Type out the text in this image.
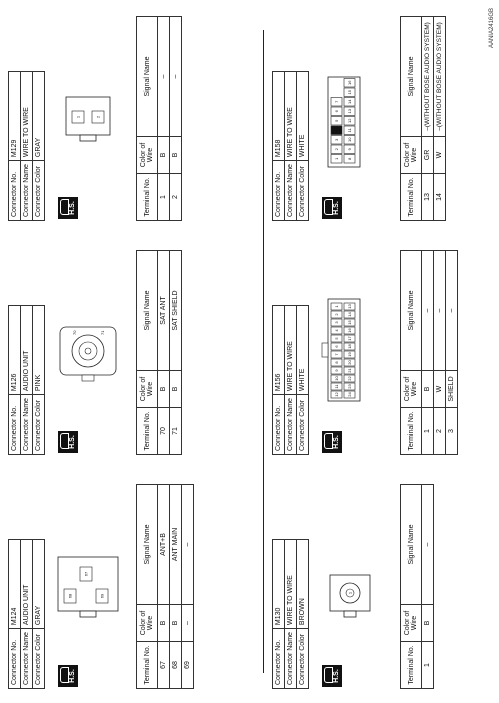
Connector No.	M124
Connector Name	AUDIO UNIT
Connector Color	GRAY
H.S.
68	69
67
Terminal No.	Color of Wire	Signal Name
67	B	ANT+B
68	B	ANT MAIN
69	–	–
Connector No.	M126
Connector Name	AUDIO UNIT
Connector Color	PINK
H.S.
70	71
Terminal No.	Color of Wire	Signal Name
70	B	SAT ANT
71	B	SAT SHIELD
Connector No.	M129
Connector Name	WIRE TO WIRE
Connector Color	GRAY
H.S.
1	2
Terminal No.	Color of Wire	Signal Name
1	B	–
2	B	–
Connector No.	M130
Connector Name	WIRE TO WIRE
Connector Color	BROWN
H.S.
1
Terminal No.	Color of Wire	Signal Name
1	B	–
Connector No.	M156
Connector Name	WIRE TO WIRE
Connector Color	WHITE
H.S.
12
11
10
9
8
7
6
5
4
3
2
1
24
23
22
21
20
19
18
17
16
15
14
13
Terminal No.	Color of Wire	Signal Name
1	B	–
2	W	–
3	SHIELD	–
Connector No.	M158
Connector Name	WIRE TO WIRE
Connector Color	WHITE
H.S.
1
2
3
4
5
6
7
8
9
10
11
12
13
14
15
16
Terminal No.	Color of Wire	Signal Name
13	GR	–(WITHOUT BOSE AUDIO SYSTEM)
14	W	–(WITHOUT BOSE AUDIO SYSTEM)	AANIA2416GB
